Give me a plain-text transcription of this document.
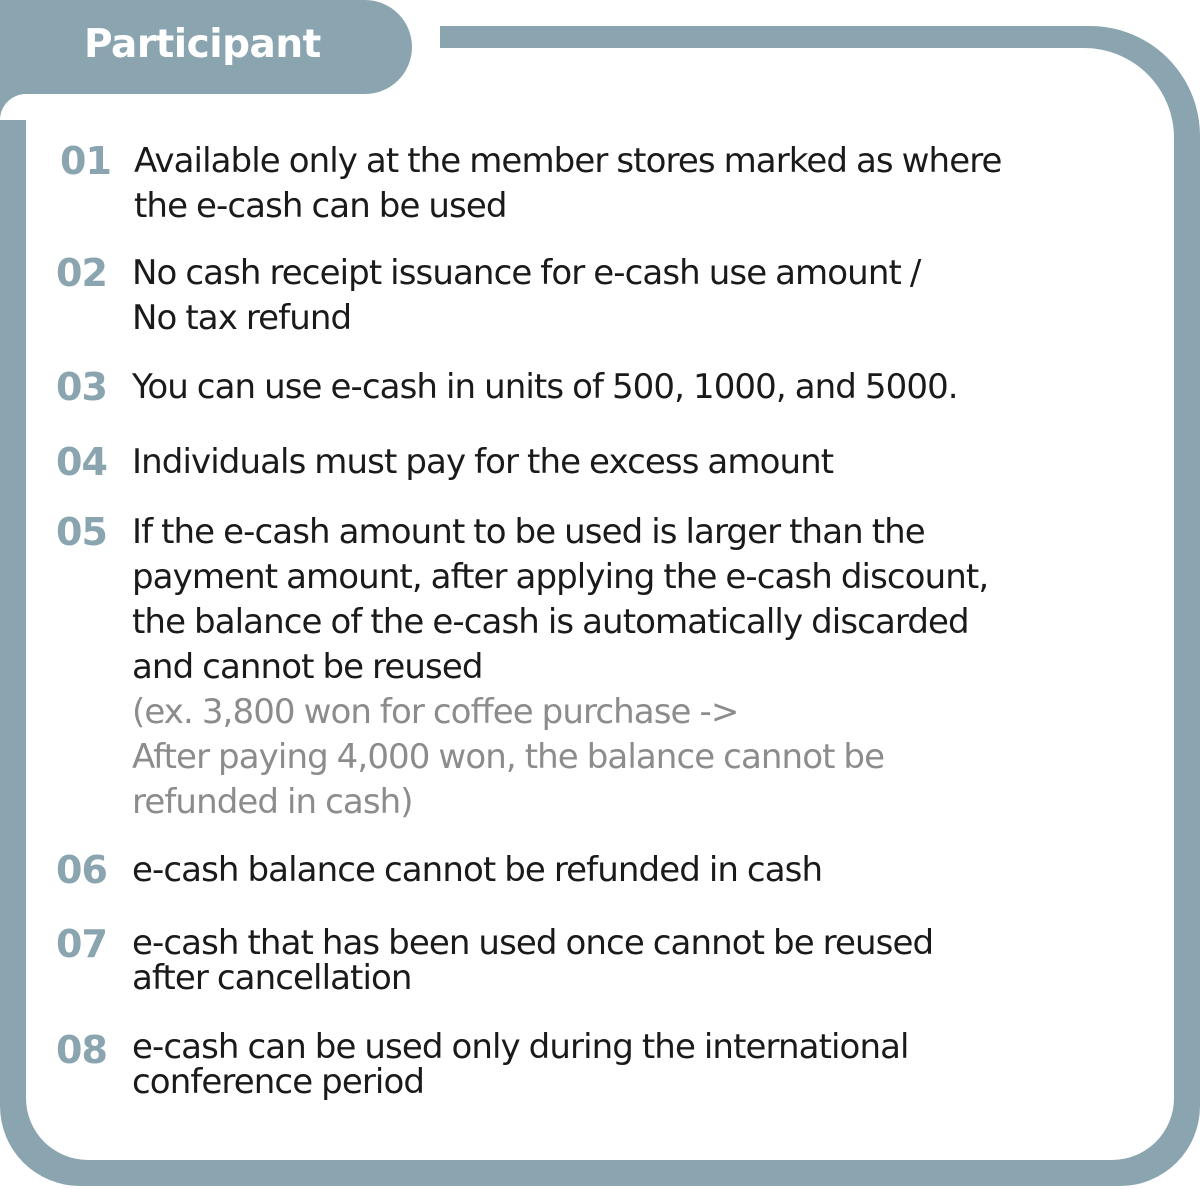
Participant
01 Available only at the member stores marked as where
the e-cash can be used
02 No cash receipt issuance for e-cash use amount /
No tax refund
03 You can use e-cash in units of 500, 1000, and 5000.
04 Individuals must pay for the excess amount
05 If the e-cash amount to be used is larger than the
payment amount, after applying the e-cash discount,
the balance of the e-cash is automatically discarded
and cannot be reused
(ex. 3,800 won for coffee purchase ->
After paying 4,000 won, the balance cannot be
refunded in cash)
06 e-cash balance cannot be refunded in cash
07 e-cash that has been used once cannot be reused
after cancellation
08 e-cash can be used only during the international
conference period
